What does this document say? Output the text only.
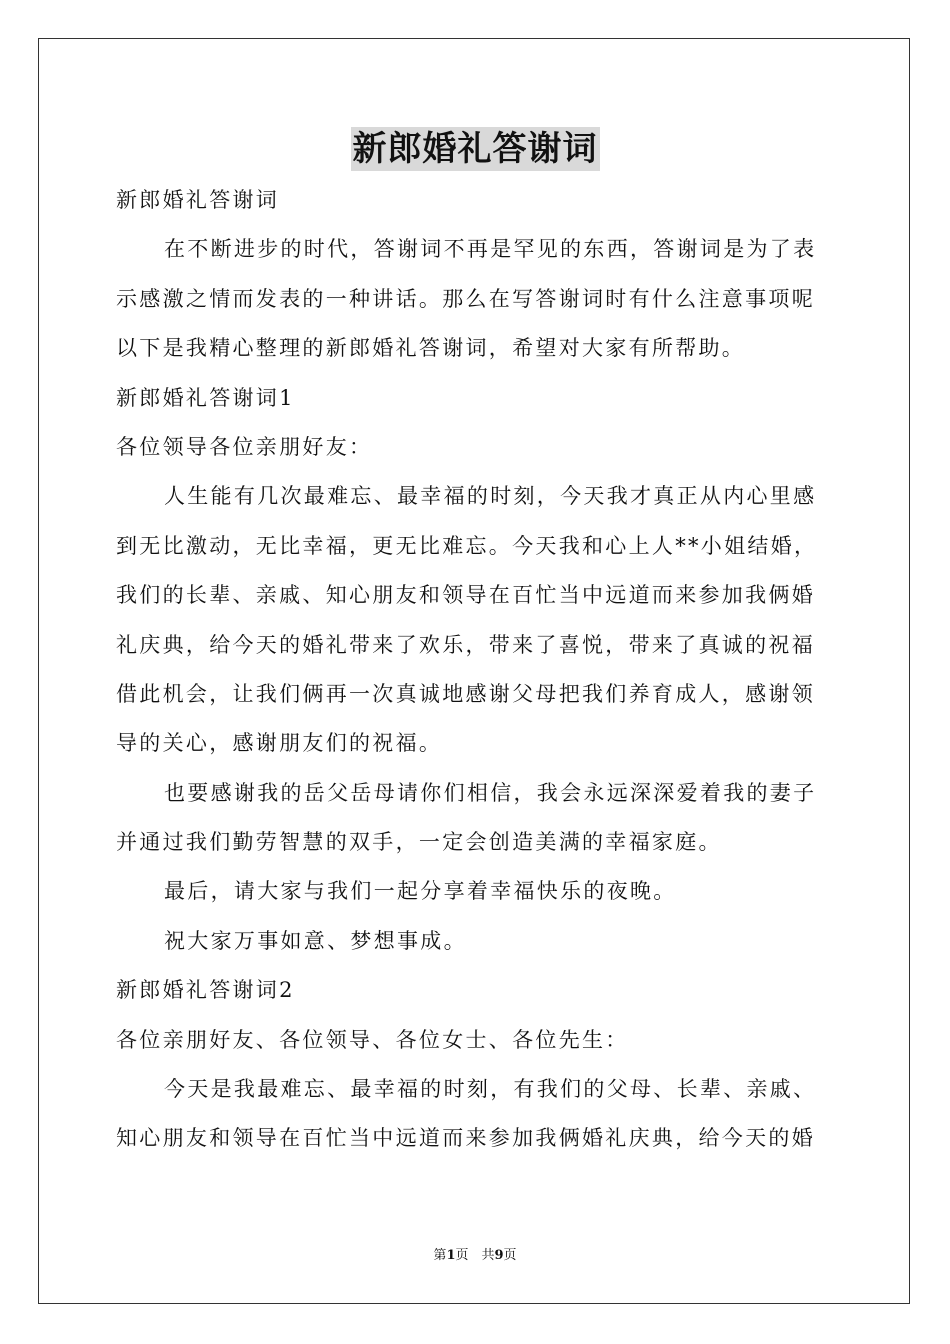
新郎婚礼答谢词
新郎婚礼答谢词
在不断进步的时代，答谢词不再是罕见的东西，答谢词是为了表
示感激之情而发表的一种讲话。那么在写答谢词时有什么注意事项呢
以下是我精心整理的新郎婚礼答谢词，希望对大家有所帮助。
新郎婚礼答谢词1
各位领导各位亲朋好友：
人生能有几次最难忘、最幸福的时刻，今天我才真正从内心里感
到无比激动，无比幸福，更无比难忘。今天我和心上人**小姐结婚，
我们的长辈、亲戚、知心朋友和领导在百忙当中远道而来参加我俩婚
礼庆典，给今天的婚礼带来了欢乐，带来了喜悦，带来了真诚的祝福
借此机会，让我们俩再一次真诚地感谢父母把我们养育成人，感谢领
导的关心，感谢朋友们的祝福。
也要感谢我的岳父岳母请你们相信，我会永远深深爱着我的妻子
并通过我们勤劳智慧的双手，一定会创造美满的幸福家庭。
最后，请大家与我们一起分享着幸福快乐的夜晚。
祝大家万事如意、梦想事成。
新郎婚礼答谢词2
各位亲朋好友、各位领导、各位女士、各位先生：
今天是我最难忘、最幸福的时刻，有我们的父母、长辈、亲戚、
知心朋友和领导在百忙当中远道而来参加我俩婚礼庆典，给今天的婚
第1页　共9页
